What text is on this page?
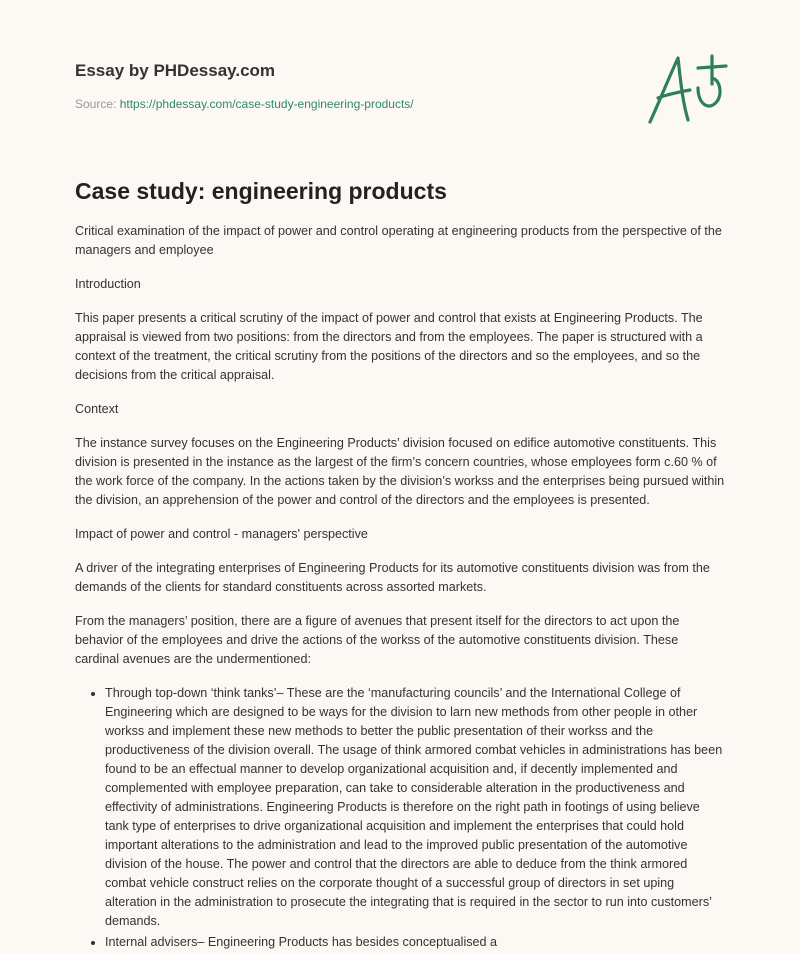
Essay by PHDessay.com
Source: https://phdessay.com/case-study-engineering-products/
Case study: engineering products

Critical examination of the impact of power and control operating at engineering products from the perspective of the managers and employee

Introduction

This paper presents a critical scrutiny of the impact of power and control that exists at Engineering Products. The appraisal is viewed from two positions: from the directors and from the employees. The paper is structured with a context of the treatment, the critical scrutiny from the positions of the directors and so the employees, and so the decisions from the critical appraisal.

Context

The instance survey focuses on the Engineering Products’ division focused on edifice automotive constituents. This division is presented in the instance as the largest of the firm’s concern countries, whose employees form c.60 % of the work force of the company. In the actions taken by the division’s workss and the enterprises being pursued within the division, an apprehension of the power and control of the directors and the employees is presented.

Impact of power and control - managers' perspective

A driver of the integrating enterprises of Engineering Products for its automotive constituents division was from the demands of the clients for standard constituents across assorted markets.

From the managers’ position, there are a figure of avenues that present itself for the directors to act upon the behavior of the employees and drive the actions of the workss of the automotive constituents division. These cardinal avenues are the undermentioned:

• Through top-down ‘think tanks’– These are the ‘manufacturing councils’ and the International College of Engineering which are designed to be ways for the division to larn new methods from other people in other workss and implement these new methods to better the public presentation of their workss and the productiveness of the division overall. The usage of think armored combat vehicles in administrations has been found to be an effectual manner to develop organizational acquisition and, if decently implemented and complemented with employee preparation, can take to considerable alteration in the productiveness and effectivity of administrations. Engineering Products is therefore on the right path in footings of using believe tank type of enterprises to drive organizational acquisition and implement the enterprises that could hold important alterations to the administration and lead to the improved public presentation of the automotive division of the house. The power and control that the directors are able to deduce from the think armored combat vehicle construct relies on the corporate thought of a successful group of directors in set uping alteration in the administration to prosecute the integrating that is required in the sector to run into customers’ demands.
• Internal advisers– Engineering Products has besides conceptualised a
